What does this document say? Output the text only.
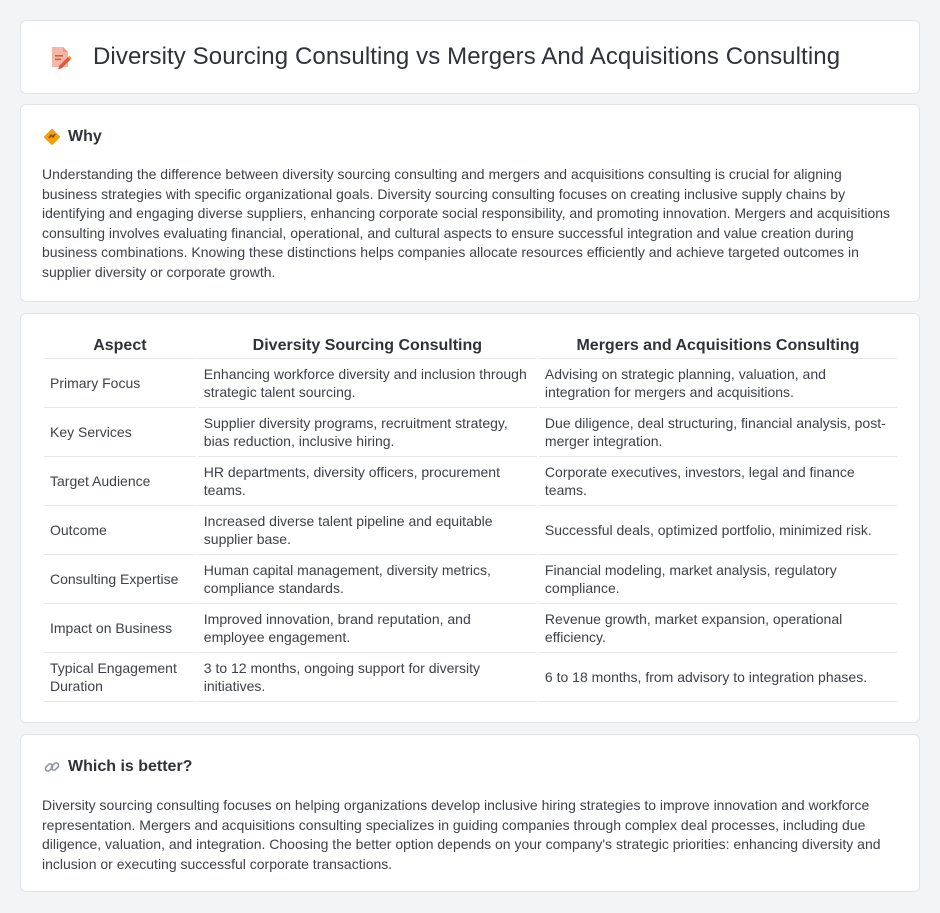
Diversity Sourcing Consulting vs Mergers And Acquisitions Consulting
Why

Understanding the difference between diversity sourcing consulting and mergers and acquisitions consulting is crucial for aligning business strategies with specific organizational goals. Diversity sourcing consulting focuses on creating inclusive supply chains by identifying and engaging diverse suppliers, enhancing corporate social responsibility, and promoting innovation. Mergers and acquisitions consulting involves evaluating financial, operational, and cultural aspects to ensure successful integration and value creation during business combinations. Knowing these distinctions helps companies allocate resources efficiently and achieve targeted outcomes in supplier diversity or corporate growth.

Aspect	Diversity Sourcing Consulting	Mergers and Acquisitions Consulting
Primary Focus	Enhancing workforce diversity and inclusion through strategic talent sourcing.	Advising on strategic planning, valuation, and integration for mergers and acquisitions.
Key Services	Supplier diversity programs, recruitment strategy, bias reduction, inclusive hiring.	Due diligence, deal structuring, financial analysis, post-merger integration.
Target Audience	HR departments, diversity officers, procurement teams.	Corporate executives, investors, legal and finance teams.
Outcome	Increased diverse talent pipeline and equitable supplier base.	Successful deals, optimized portfolio, minimized risk.
Consulting Expertise	Human capital management, diversity metrics, compliance standards.	Financial modeling, market analysis, regulatory compliance.
Impact on Business	Improved innovation, brand reputation, and employee engagement.	Revenue growth, market expansion, operational efficiency.
Typical Engagement Duration	3 to 12 months, ongoing support for diversity initiatives.	6 to 18 months, from advisory to integration phases.
Which is better?

Diversity sourcing consulting focuses on helping organizations develop inclusive hiring strategies to improve innovation and workforce representation. Mergers and acquisitions consulting specializes in guiding companies through complex deal processes, including due diligence, valuation, and integration. Choosing the better option depends on your company's strategic priorities: enhancing diversity and inclusion or executing successful corporate transactions.
